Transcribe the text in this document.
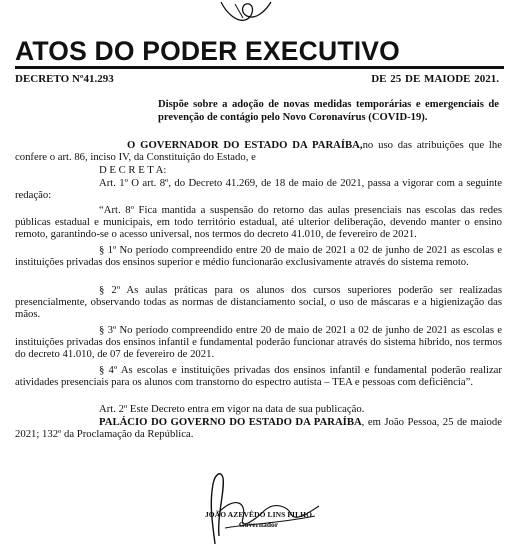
ATOS DO PODER EXECUTIVO
DECRETO Nº41.293	DE 25 DE MAIODE 2021.
Dispõe sobre a adoção de novas medidas temporárias e emergenciais de prevenção de contágio pelo Novo Coronavírus (COVID-19).
O GOVERNADOR DO ESTADO DA PARAÍBA,no uso das atribuições que lhe confere o art. 86, inciso IV, da Constituição do Estado, e
D E C R E T A:
Art. 1º O art. 8º, do Decreto 41.269, de 18 de maio de 2021, passa a vigorar com a seguinte redação:
“Art. 8º Fica mantida a suspensão do retorno das aulas presenciais nas escolas das redes públicas estadual e municipais, em todo território estadual, até ulterior deliberação, devendo manter o ensino remoto, garantindo-se o acesso universal, nos termos do decreto 41.010, de fevereiro de 2021.
§ 1º No período compreendido entre 20 de maio de 2021 a 02 de junho de 2021 as escolas e instituições privadas dos ensinos superior e médio funcionarão exclusivamente através do sistema remoto.
§ 2º As aulas práticas para os alunos dos cursos superiores poderão ser realizadas presencialmente, observando todas as normas de distanciamento social, o uso de máscaras e a higienização das mãos.
§ 3º No período compreendido entre 20 de maio de 2021 a 02 de junho de 2021 as escolas e instituições privadas dos ensinos infantil e fundamental poderão funcionar através do sistema híbrido, nos termos do decreto 41.010, de 07 de fevereiro de 2021.
§ 4º As escolas e instituições privadas dos ensinos infantil e fundamental poderão realizar atividades presenciais para os alunos com transtorno do espectro autista – TEA e pessoas com deficiência”.
Art. 2º Este Decreto entra em vigor na data de sua publicação.
PALÁCIO DO GOVERNO DO ESTADO DA PARAÍBA, em João Pessoa, 25 de maiode 2021; 132º da Proclamação da República.
JOÃO AZEVÊDO LINS FILHO
Governador
